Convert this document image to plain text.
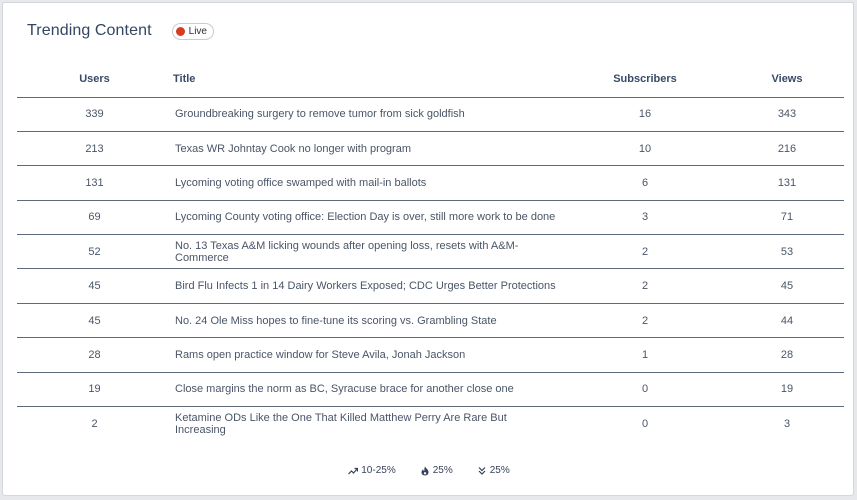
Trending Content	Live
Users	Title	Subscribers	Views
339	Groundbreaking surgery to remove tumor from sick goldfish	16	343
213	Texas WR Johntay Cook no longer with program	10	216
131	Lycoming voting office swamped with mail-in ballots	6	131
69	Lycoming County voting office: Election Day is over, still more work to be done	3	71
52	No. 13 Texas A&M licking wounds after opening loss, resets with A&M-Commerce	2	53
45	Bird Flu Infects 1 in 14 Dairy Workers Exposed; CDC Urges Better Protections	2	45
45	No. 24 Ole Miss hopes to fine-tune its scoring vs. Grambling State	2	44
28	Rams open practice window for Steve Avila, Jonah Jackson	1	28
19	Close margins the norm as BC, Syracuse brace for another close one	0	19
2	Ketamine ODs Like the One That Killed Matthew Perry Are Rare But Increasing	0	3
10-25%	25%	25%
